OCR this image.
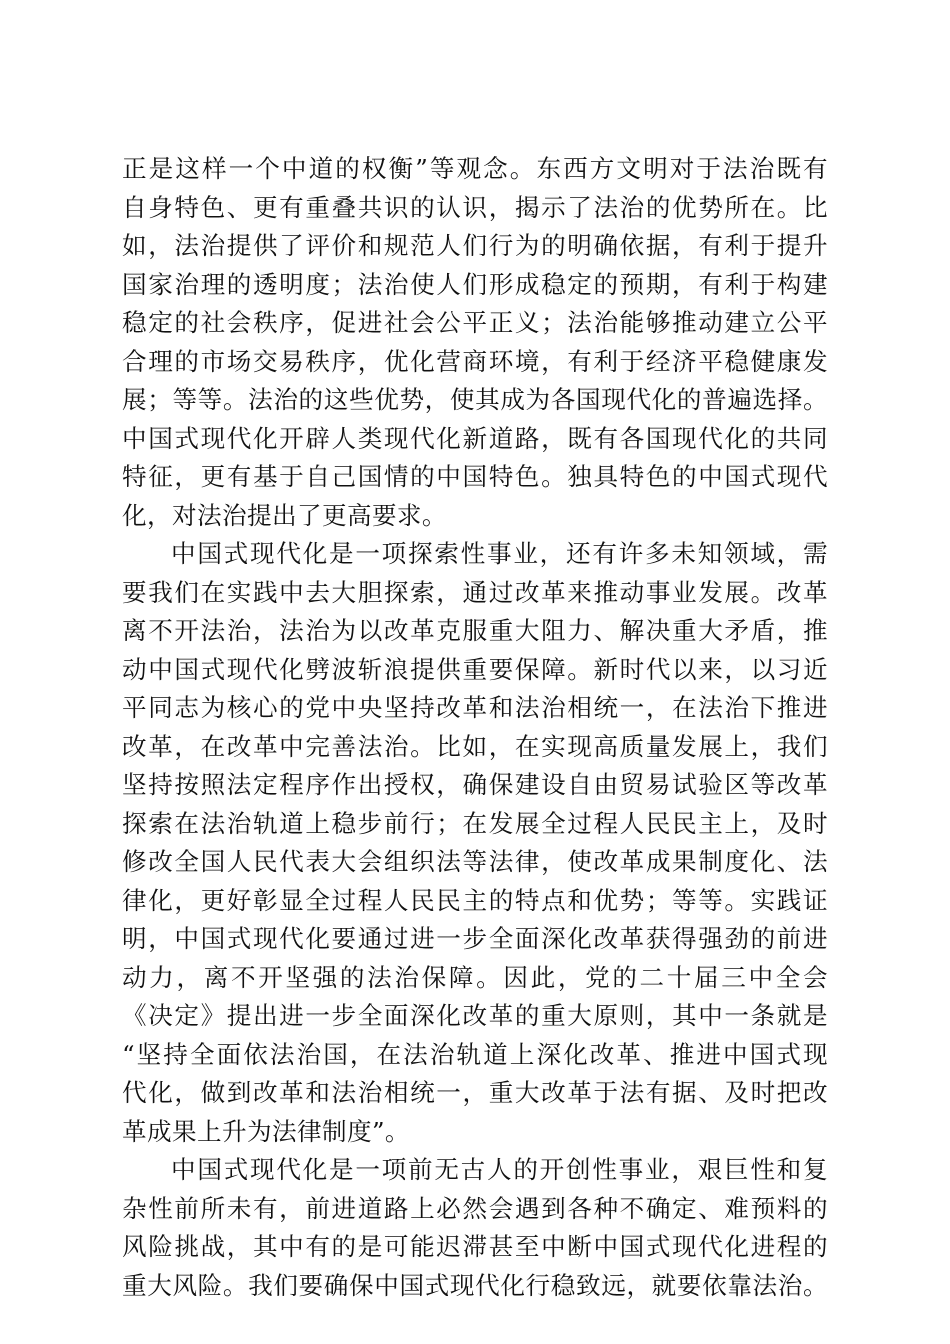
正是这样一个中道的权衡”等观念。东西方文明对于法治既有
自身特色、更有重叠共识的认识，揭示了法治的优势所在。比
如，法治提供了评价和规范人们行为的明确依据，有利于提升
国家治理的透明度；法治使人们形成稳定的预期，有利于构建
稳定的社会秩序，促进社会公平正义；法治能够推动建立公平
合理的市场交易秩序，优化营商环境，有利于经济平稳健康发
展；等等。法治的这些优势，使其成为各国现代化的普遍选择。
中国式现代化开辟人类现代化新道路，既有各国现代化的共同
特征，更有基于自己国情的中国特色。独具特色的中国式现代
化，对法治提出了更高要求。
中国式现代化是一项探索性事业，还有许多未知领域，需
要我们在实践中去大胆探索，通过改革来推动事业发展。改革
离不开法治，法治为以改革克服重大阻力、解决重大矛盾，推
动中国式现代化劈波斩浪提供重要保障。新时代以来，以习近
平同志为核心的党中央坚持改革和法治相统一，在法治下推进
改革，在改革中完善法治。比如，在实现高质量发展上，我们
坚持按照法定程序作出授权，确保建设自由贸易试验区等改革
探索在法治轨道上稳步前行；在发展全过程人民民主上，及时
修改全国人民代表大会组织法等法律，使改革成果制度化、法
律化，更好彰显全过程人民民主的特点和优势；等等。实践证
明，中国式现代化要通过进一步全面深化改革获得强劲的前进
动力，离不开坚强的法治保障。因此，党的二十届三中全会
《决定》提出进一步全面深化改革的重大原则，其中一条就是
“坚持全面依法治国，在法治轨道上深化改革、推进中国式现
代化，做到改革和法治相统一，重大改革于法有据、及时把改
革成果上升为法律制度”。
中国式现代化是一项前无古人的开创性事业，艰巨性和复
杂性前所未有，前进道路上必然会遇到各种不确定、难预料的
风险挑战，其中有的是可能迟滞甚至中断中国式现代化进程的
重大风险。我们要确保中国式现代化行稳致远，就要依靠法治。
